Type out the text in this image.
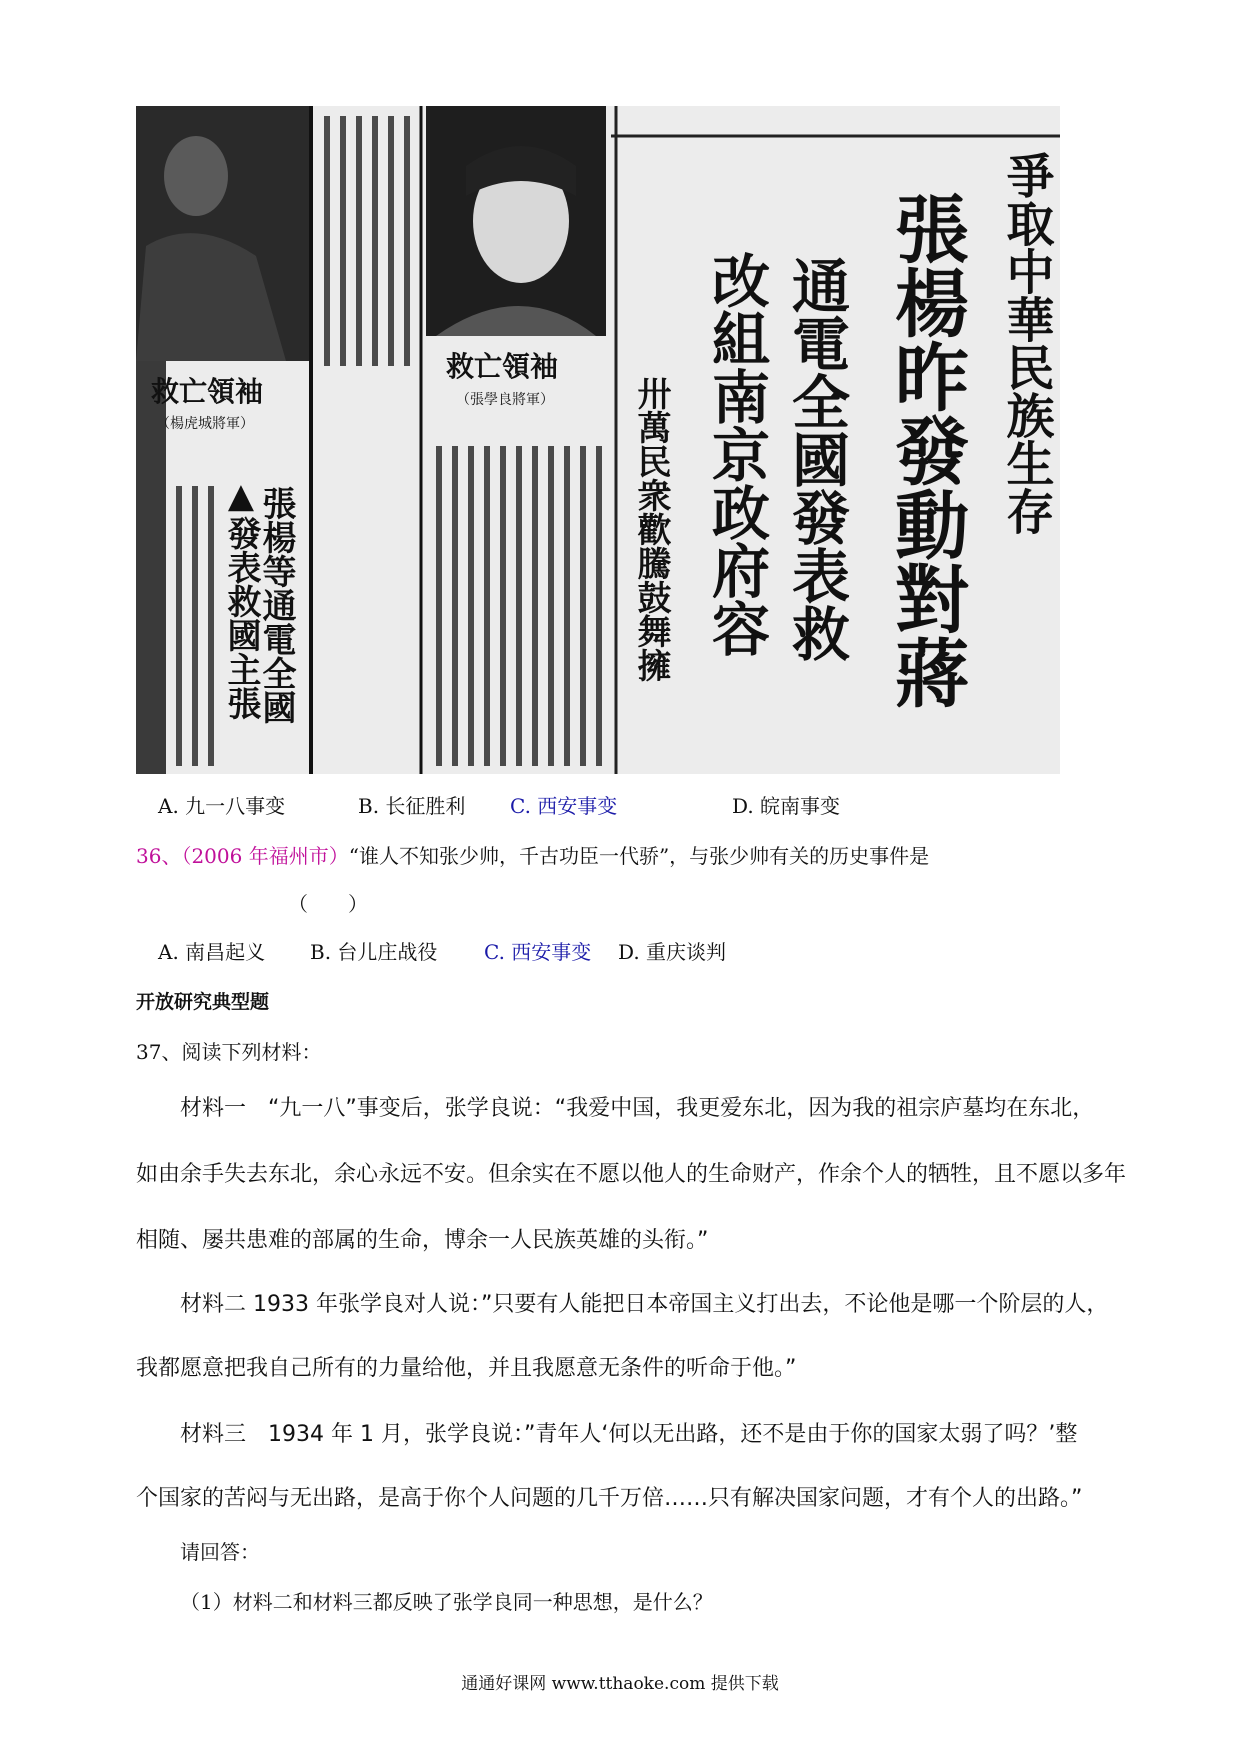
爭取中華民族生存
張楊昨發動對蔣
通電全國發表救
改組南京政府容
卅萬民衆歡騰鼓舞擁
張楊等通電全國
▲發表救國主張
救亡領袖
（楊虎城將軍）
救亡領袖
（張學良將軍）
A. 九一八事变	B. 长征胜利 C. 西安事变	D. 皖南事变
36、（2006 年福州市）“谁人不知张少帅，千古功臣一代骄”，与张少帅有关的历史事件是
（　　）
A. 南昌起义 B. 台儿庄战役 C. 西安事变 D. 重庆谈判
开放研究典型题
37、阅读下列材料：
材料一　“九一八”事变后，张学良说：“我爱中国，我更爱东北，因为我的祖宗庐墓均在东北，
如由余手失去东北，余心永远不安。但余实在不愿以他人的生命财产，作余个人的牺牲，且不愿以多年
相随、屡共患难的部属的生命，博余一人民族英雄的头衔。”
材料二 1933 年张学良对人说：”只要有人能把日本帝国主义打出去，不论他是哪一个阶层的人，
我都愿意把我自己所有的力量给他，并且我愿意无条件的听命于他。”
材料三　1934 年 1 月，张学良说：”青年人‘何以无出路，还不是由于你的国家太弱了吗？’整
个国家的苦闷与无出路，是高于你个人问题的几千万倍……只有解决国家问题，才有个人的出路。”
请回答：
（1）材料二和材料三都反映了张学良同一种思想，是什么？
通通好课网 www.tthaoke.com 提供下载
